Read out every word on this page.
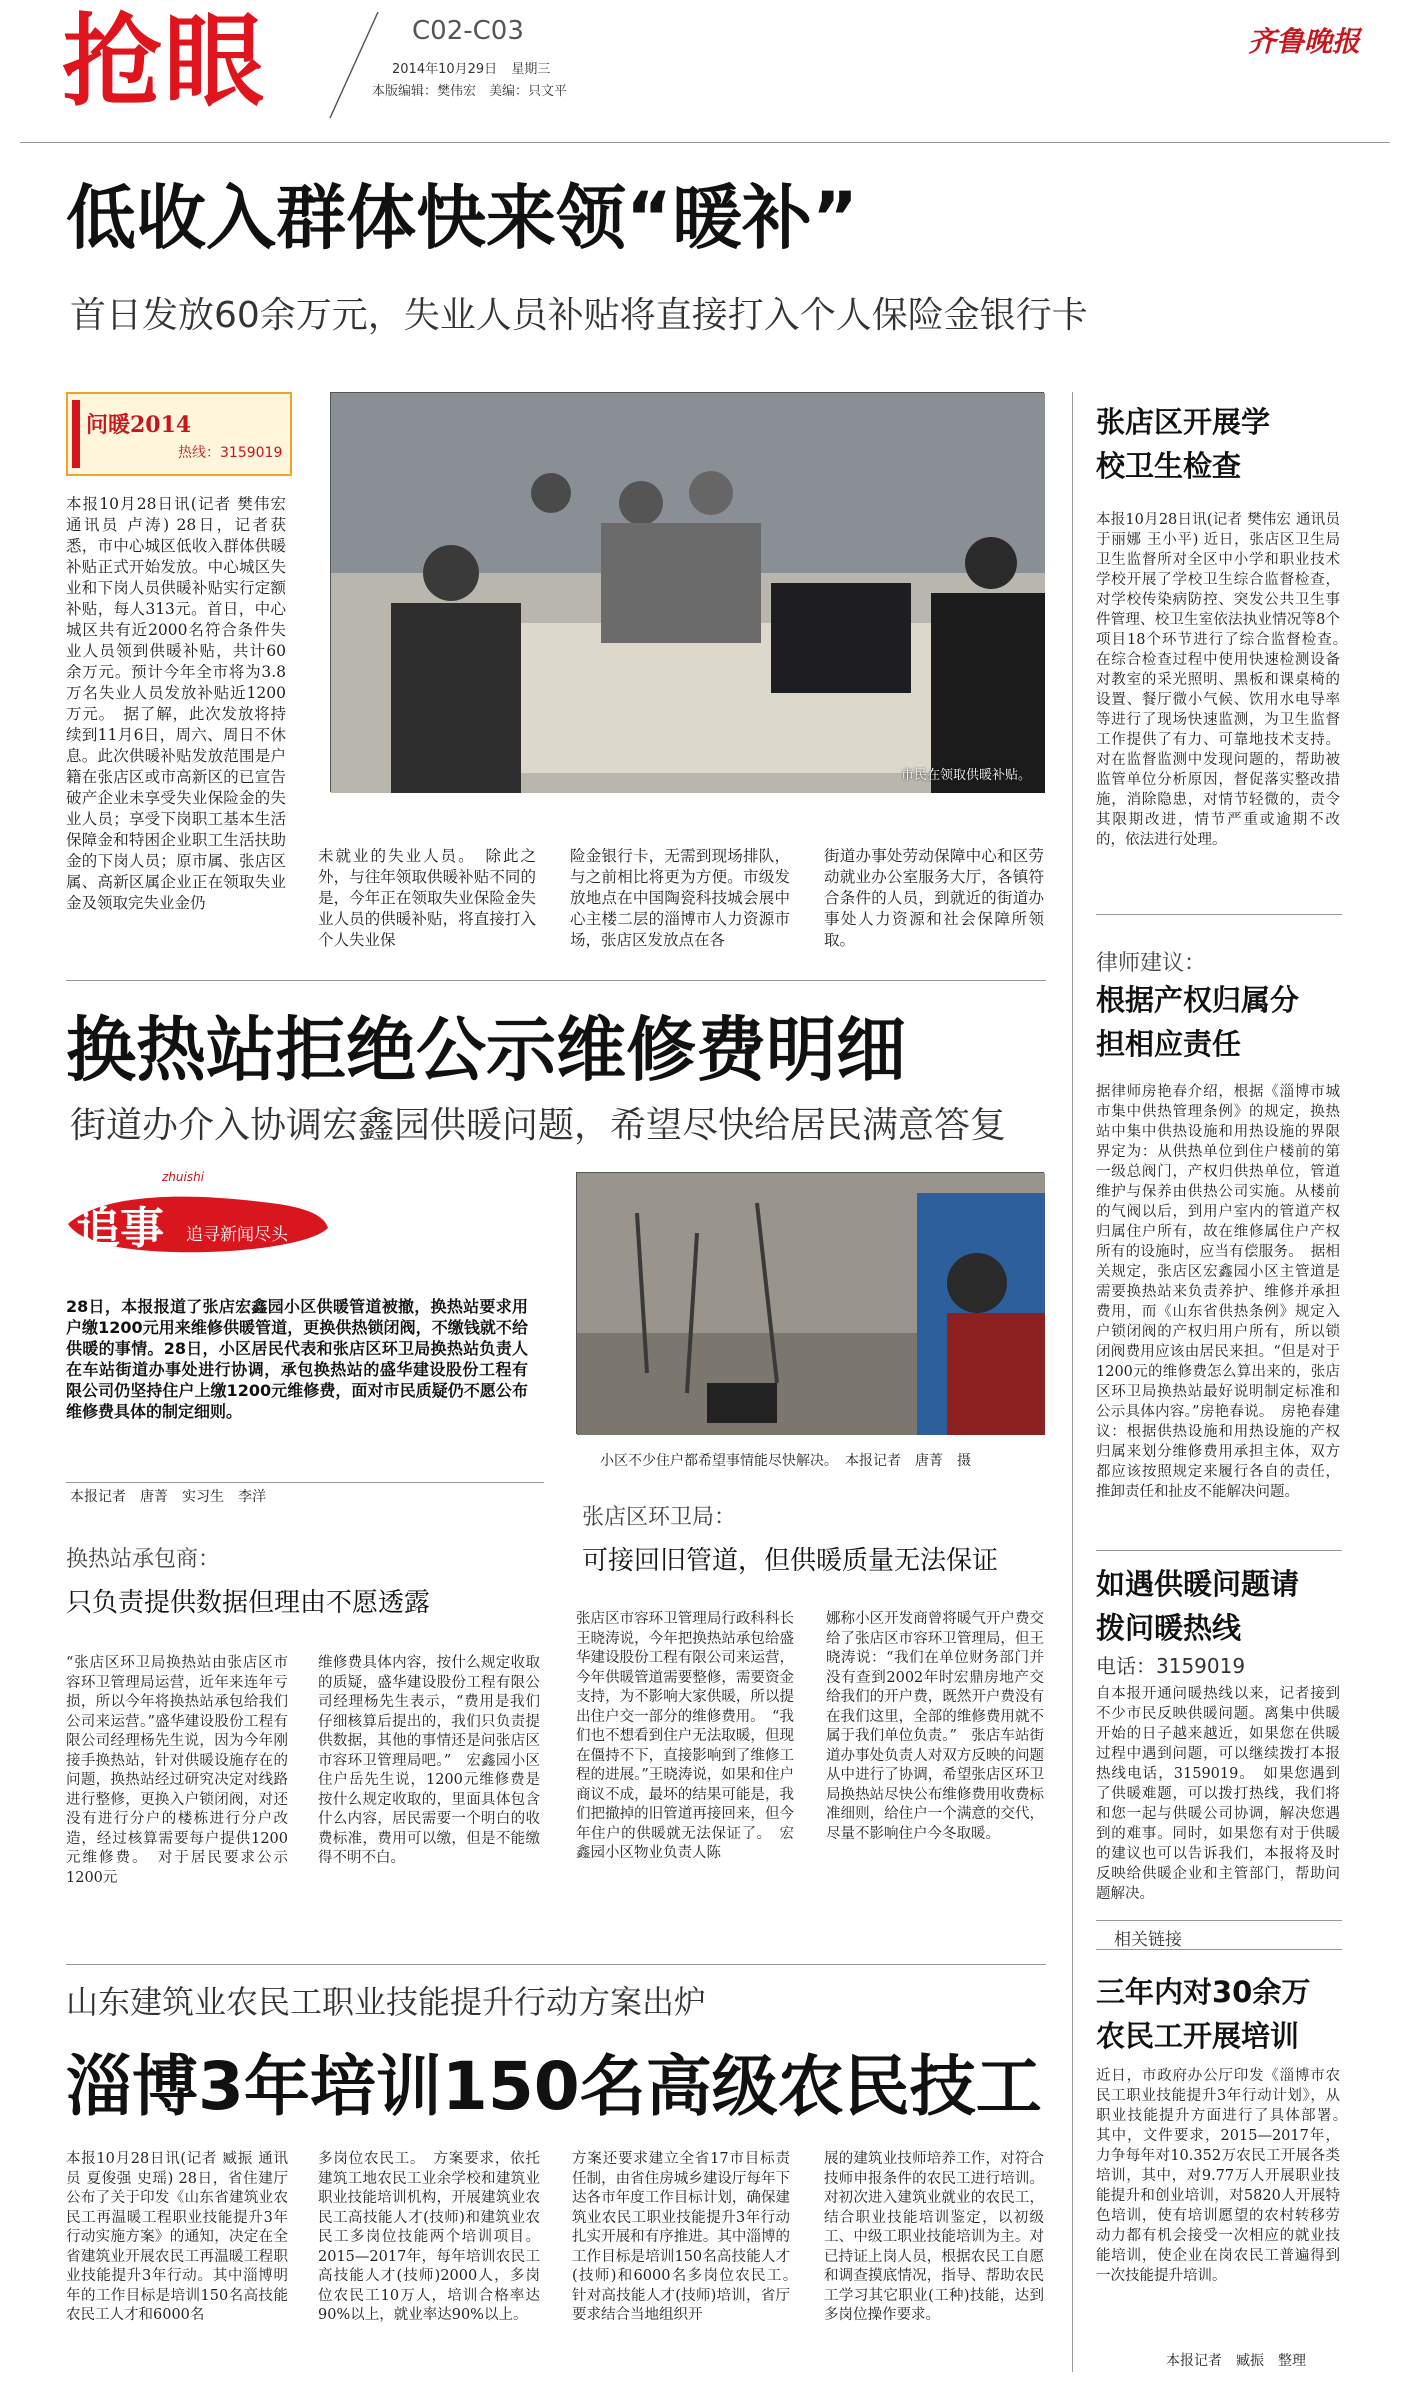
抢眼	C02-C03
2014年10月29日 星期三
本版编辑：樊伟宏　美编：只文平
齐鲁晚报
低收入群体快来领“暖补”
首日发放60余万元，失业人员补贴将直接打入个人保险金银行卡
问暖2014
热线：3159019
本报10月28日讯(记者 樊伟宏 通讯员 卢涛) 28日，记者获悉，市中心城区低收入群体供暖补贴正式开始发放。中心城区失业和下岗人员供暖补贴实行定额补贴，每人313元。首日，中心城区共有近2000名符合条件失业人员领到供暖补贴，共计60余万元。预计今年全市将为3.8万名失业人员发放补贴近1200万元。　据了解，此次发放将持续到11月6日，周六、周日不休息。此次供暖补贴发放范围是户籍在张店区或市高新区的已宣告破产企业未享受失业保险金的失业人员；享受下岗职工基本生活保障金和特困企业职工生活扶助金的下岗人员；原市属、张店区属、高新区属企业正在领取失业金及领取完失业金仍
市民在领取供暖补贴。
未就业的失业人员。　除此之外，与往年领取供暖补贴不同的是，今年正在领取失业保险金失业人员的供暖补贴，将直接打入个人失业保
险金银行卡，无需到现场排队，与之前相比将更为方便。市级发放地点在中国陶瓷科技城会展中心主楼二层的淄博市人力资源市场，张店区发放点在各
街道办事处劳动保障中心和区劳动就业办公室服务大厅，各镇符合条件的人员，到就近的街道办事处人力资源和社会保障所领取。
张店区开展学校卫生检查
本报10月28日讯(记者 樊伟宏 通讯员 于丽娜 王小平) 近日，张店区卫生局卫生监督所对全区中小学和职业技术学校开展了学校卫生综合监督检查，对学校传染病防控、突发公共卫生事件管理、校卫生室依法执业情况等8个项目18个环节进行了综合监督检查。　在综合检查过程中使用快速检测设备对教室的采光照明、黑板和课桌椅的设置、餐厅微小气候、饮用水电导率等进行了现场快速监测，为卫生监督工作提供了有力、可靠地技术支持。对在监督监测中发现问题的，帮助被监管单位分析原因，督促落实整改措施，消除隐患，对情节轻微的，责令其限期改进，情节严重或逾期不改的，依法进行处理。
换热站拒绝公示维修费明细
街道办介入协调宏鑫园供暖问题，希望尽快给居民满意答复
zhuishi
追事 追寻新闻尽头
28日，本报报道了张店宏鑫园小区供暖管道被撤，换热站要求用户缴1200元用来维修供暖管道，更换供热锁闭阀，不缴钱就不给供暖的事情。28日，小区居民代表和张店区环卫局换热站负责人在车站街道办事处进行协调，承包换热站的盛华建设股份工程有限公司仍坚持住户上缴1200元维修费，面对市民质疑仍不愿公布维修费具体的制定细则。
小区不少住户都希望事情能尽快解决。　本报记者　唐菁　摄
本报记者　唐菁　实习生　李洋
换热站承包商：
只负责提供数据但理由不愿透露
“张店区环卫局换热站由张店区市容环卫管理局运营，近年来连年亏损，所以今年将换热站承包给我们公司来运营。”盛华建设股份工程有限公司经理杨先生说，因为今年刚接手换热站，针对供暖设施存在的问题，换热站经过研究决定对线路进行整修，更换入户锁闭阀，对还没有进行分户的楼栋进行分户改造，经过核算需要每户提供1200元维修费。　对于居民要求公示1200元
维修费具体内容，按什么规定收取的质疑，盛华建设股份工程有限公司经理杨先生表示，“费用是我们仔细核算后提出的，我们只负责提供数据，其他的事情还是问张店区市容环卫管理局吧。”　宏鑫园小区住户岳先生说，1200元维修费是按什么规定收取的，里面具体包含什么内容，居民需要一个明白的收费标准，费用可以缴，但是不能缴得不明不白。
张店区环卫局：
可接回旧管道，但供暖质量无法保证
张店区市容环卫管理局行政科科长王晓涛说，今年把换热站承包给盛华建设股份工程有限公司来运营，今年供暖管道需要整修，需要资金支持，为不影响大家供暖，所以提出住户交一部分的维修费用。　“我们也不想看到住户无法取暖，但现在僵持不下，直接影响到了维修工程的进展。”王晓涛说，如果和住户商议不成，最坏的结果可能是，我们把撤掉的旧管道再接回来，但今年住户的供暖就无法保证了。　宏鑫园小区物业负责人陈
娜称小区开发商曾将暖气开户费交给了张店区市容环卫管理局，但王晓涛说：“我们在单位财务部门并没有查到2002年时宏鼎房地产交给我们的开户费，既然开户费没有在我们这里，全部的维修费用就不属于我们单位负责。”　张店车站街道办事处负责人对双方反映的问题从中进行了协调，希望张店区环卫局换热站尽快公布维修费用收费标准细则，给住户一个满意的交代，尽量不影响住户今冬取暖。
律师建议：
根据产权归属分担相应责任
据律师房艳春介绍，根据《淄博市城市集中供热管理条例》的规定，换热站中集中供热设施和用热设施的界限界定为：从供热单位到住户楼前的第一级总阀门，产权归供热单位，管道维护与保养由供热公司实施。从楼前的气阀以后，到用户室内的管道产权归属住户所有，故在维修属住户产权所有的设施时，应当有偿服务。　据相关规定，张店区宏鑫园小区主管道是需要换热站来负责养护、维修并承担费用，而《山东省供热条例》规定入户锁闭阀的产权归用户所有，所以锁闭阀费用应该由居民来担。“但是对于1200元的维修费怎么算出来的，张店区环卫局换热站最好说明制定标准和公示具体内容。”房艳春说。　房艳春建议：根据供热设施和用热设施的产权归属来划分维修费用承担主体，双方都应该按照规定来履行各自的责任，推卸责任和扯皮不能解决问题。
如遇供暖问题请拨问暖热线
电话：3159019
自本报开通问暖热线以来，记者接到不少市民反映供暖问题。离集中供暖开始的日子越来越近，如果您在供暖过程中遇到问题，可以继续拨打本报热线电话，3159019。　如果您遇到了供暖难题，可以拨打热线，我们将和您一起与供暖公司协调，解决您遇到的难事。同时，如果您有对于供暖的建议也可以告诉我们，本报将及时反映给供暖企业和主管部门，帮助问题解决。
山东建筑业农民工职业技能提升行动方案出炉
淄博3年培训150名高级农民技工
本报10月28日讯(记者 臧振 通讯员 夏俊强 史瑶) 28日，省住建厅公布了关于印发《山东省建筑业农民工再温暖工程职业技能提升3年行动实施方案》的通知，决定在全省建筑业开展农民工再温暖工程职业技能提升3年行动。其中淄博明年的工作目标是培训150名高技能农民工人才和6000名
多岗位农民工。　方案要求，依托建筑工地农民工业余学校和建筑业职业技能培训机构，开展建筑业农民工高技能人才(技师)和建筑业农民工多岗位技能两个培训项目。2015—2017年，每年培训农民工高技能人才(技师)2000人，多岗位农民工10万人，培训合格率达90%以上，就业率达90%以上。
方案还要求建立全省17市目标责任制，由省住房城乡建设厅每年下达各市年度工作目标计划，确保建筑业农民工职业技能提升3年行动扎实开展和有序推进。其中淄博的工作目标是培训150名高技能人才(技师)和6000名多岗位农民工。　针对高技能人才(技师)培训，省厅要求结合当地组织开
展的建筑业技师培养工作，对符合技师申报条件的农民工进行培训。对初次进入建筑业就业的农民工，结合职业技能培训鉴定，以初级工、中级工职业技能培训为主。对已持证上岗人员，根据农民工自愿和调查摸底情况，指导、帮助农民工学习其它职业(工种)技能，达到多岗位操作要求。
相关链接
三年内对30余万农民工开展培训
近日，市政府办公厅印发《淄博市农民工职业技能提升3年行动计划》，从职业技能提升方面进行了具体部署。　其中，文件要求，2015—2017年，力争每年对10.352万农民工开展各类培训，其中，对9.77万人开展职业技能提升和创业培训，对5820人开展特色培训，使有培训愿望的农村转移劳动力都有机会接受一次相应的就业技能培训，使企业在岗农民工普遍得到一次技能提升培训。
本报记者　臧振　整理
